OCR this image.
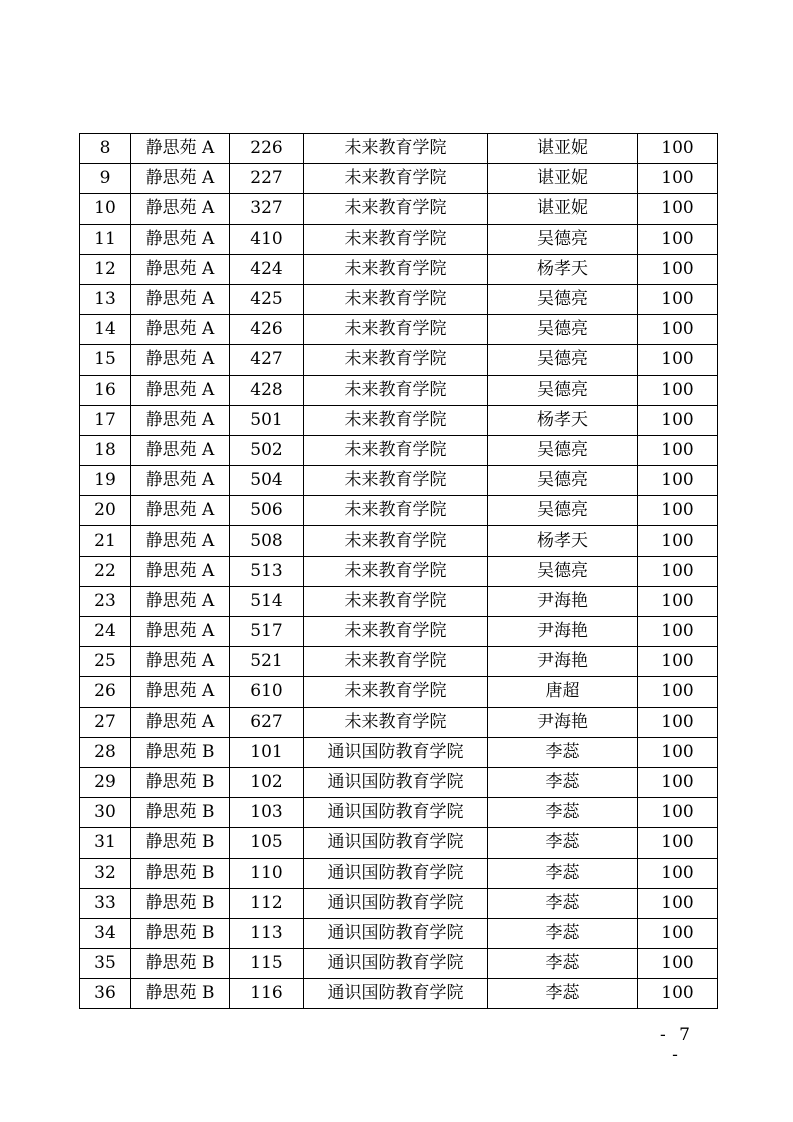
8	静思苑 A	226	未来教育学院	谌亚妮	100
9	静思苑 A	227	未来教育学院	谌亚妮	100
10	静思苑 A	327	未来教育学院	谌亚妮	100
11	静思苑 A	410	未来教育学院	吴德亮	100
12	静思苑 A	424	未来教育学院	杨孝天	100
13	静思苑 A	425	未来教育学院	吴德亮	100
14	静思苑 A	426	未来教育学院	吴德亮	100
15	静思苑 A	427	未来教育学院	吴德亮	100
16	静思苑 A	428	未来教育学院	吴德亮	100
17	静思苑 A	501	未来教育学院	杨孝天	100
18	静思苑 A	502	未来教育学院	吴德亮	100
19	静思苑 A	504	未来教育学院	吴德亮	100
20	静思苑 A	506	未来教育学院	吴德亮	100
21	静思苑 A	508	未来教育学院	杨孝天	100
22	静思苑 A	513	未来教育学院	吴德亮	100
23	静思苑 A	514	未来教育学院	尹海艳	100
24	静思苑 A	517	未来教育学院	尹海艳	100
25	静思苑 A	521	未来教育学院	尹海艳	100
26	静思苑 A	610	未来教育学院	唐超	100
27	静思苑 A	627	未来教育学院	尹海艳	100
28	静思苑 B	101	通识国防教育学院	李蕊	100
29	静思苑 B	102	通识国防教育学院	李蕊	100
30	静思苑 B	103	通识国防教育学院	李蕊	100
31	静思苑 B	105	通识国防教育学院	李蕊	100
32	静思苑 B	110	通识国防教育学院	李蕊	100
33	静思苑 B	112	通识国防教育学院	李蕊	100
34	静思苑 B	113	通识国防教育学院	李蕊	100
35	静思苑 B	115	通识国防教育学院	李蕊	100
36	静思苑 B	116	通识国防教育学院	李蕊	100
- 7 -
